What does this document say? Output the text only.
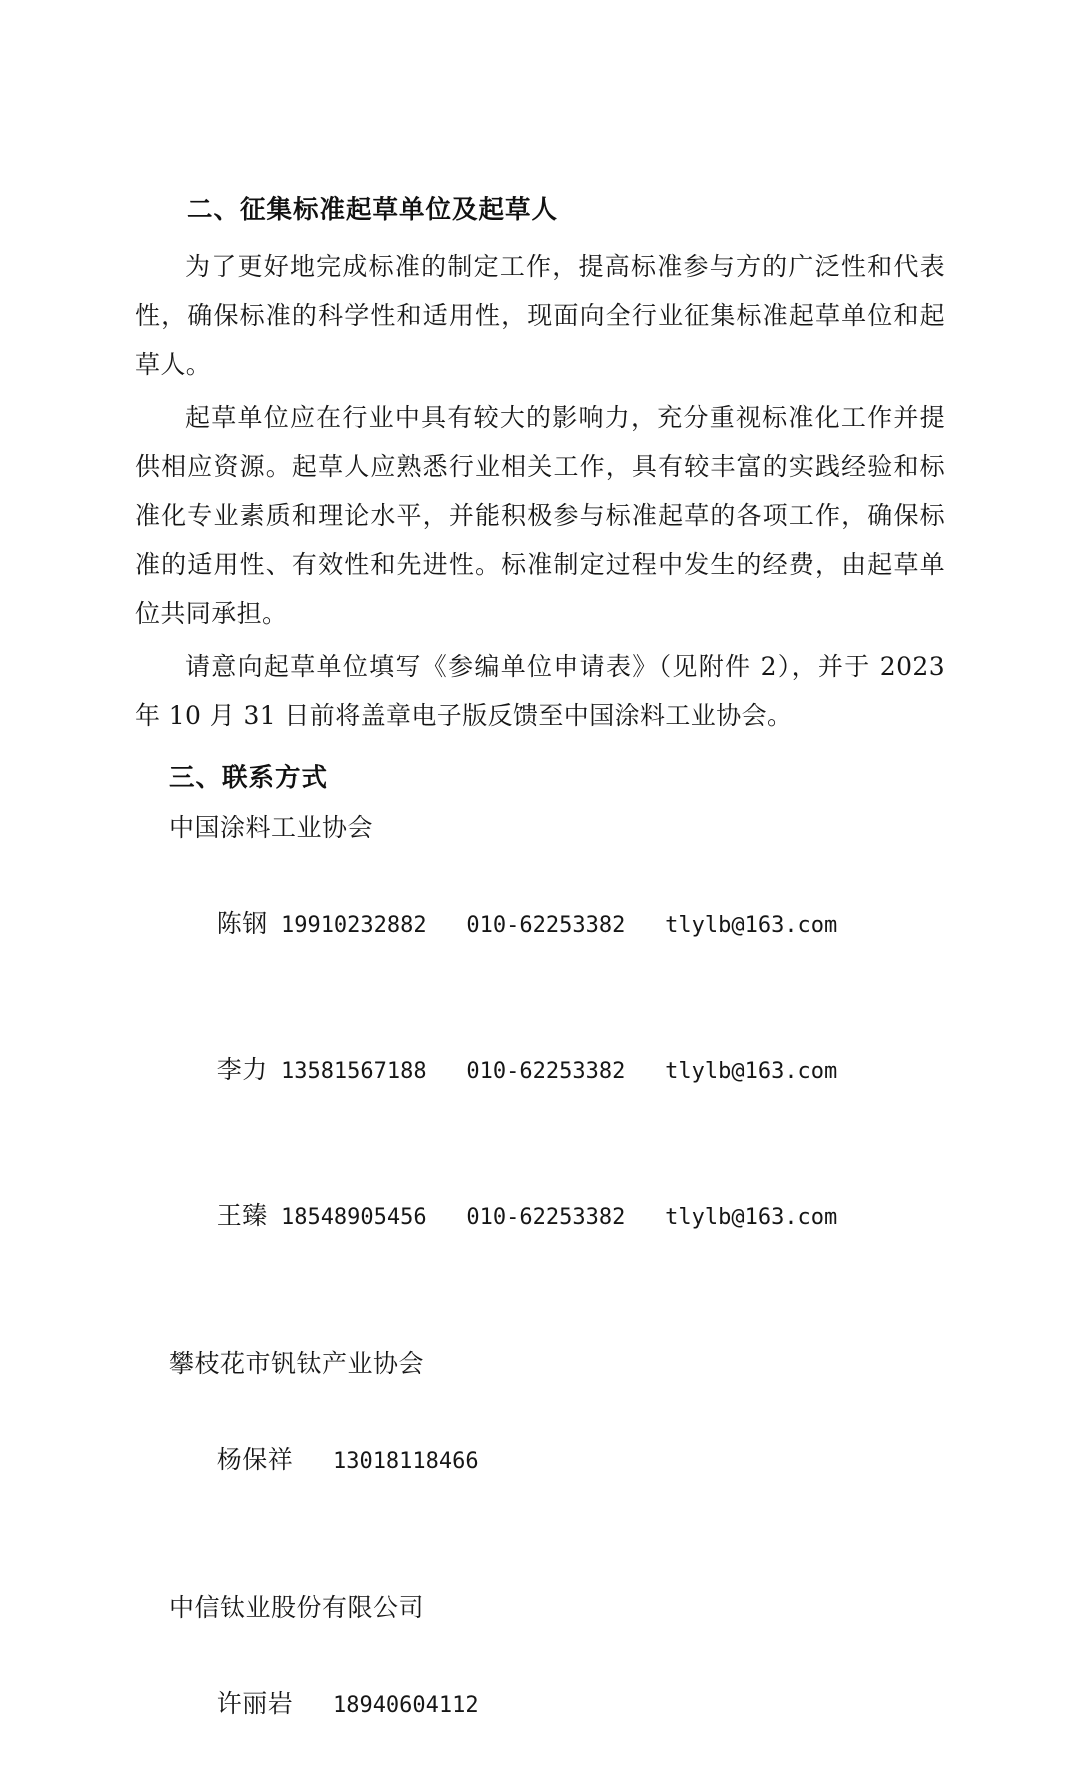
二、征集标准起草单位及起草人

为了更好地完成标准的制定工作，提高标准参与方的广泛性和代表性，确保标准的科学性和适用性，现面向全行业征集标准起草单位和起草人。

起草单位应在行业中具有较大的影响力，充分重视标准化工作并提供相应资源。起草人应熟悉行业相关工作，具有较丰富的实践经验和标准化专业素质和理论水平，并能积极参与标准起草的各项工作，确保标准的适用性、有效性和先进性。标准制定过程中发生的经费，由起草单位共同承担。

请意向起草单位填写《参编单位申请表》（见附件 2），并于 2023 年 10 月 31 日前将盖章电子版反馈至中国涂料工业协会。

三、联系方式
中国涂料工业协会

陈钢 19910232882 010-62253382 tlylb@163.com

李力 13581567188 010-62253382 tlylb@163.com

王臻 18548905456 010-62253382 tlylb@163.com

攀枝花市钒钛产业协会

杨保祥 13018118466

中信钛业股份有限公司

许丽岩 18940604112
